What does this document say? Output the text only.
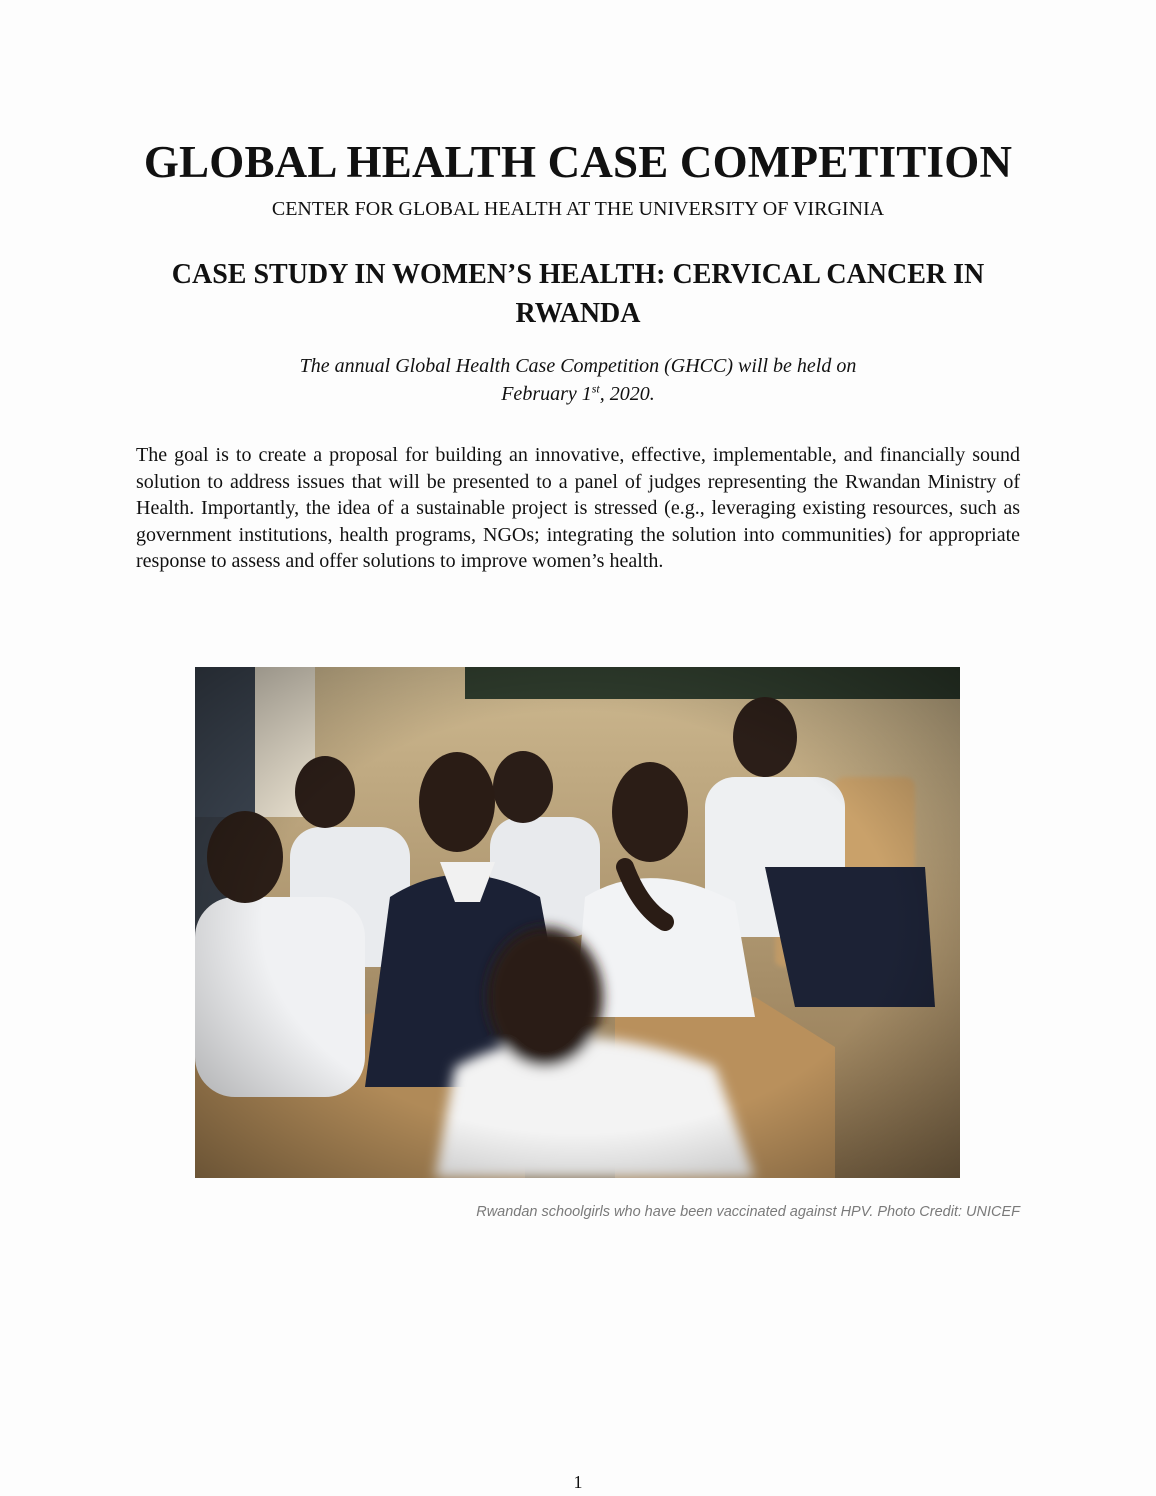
GLOBAL HEALTH CASE COMPETITION
CENTER FOR GLOBAL HEALTH AT THE UNIVERSITY OF VIRGINIA
CASE STUDY IN WOMEN’S HEALTH: CERVICAL CANCER IN RWANDA
The annual Global Health Case Competition (GHCC) will be held on
February 1st, 2020.
The goal is to create a proposal for building an innovative, effective, implementable, and financially sound solution to address issues that will be presented to a panel of judges representing the Rwandan Ministry of Health. Importantly, the idea of a sustainable project is stressed (e.g., leveraging existing resources, such as government institutions, health programs, NGOs; integrating the solution into communities) for appropriate response to assess and offer solutions to improve women’s health.
Rwandan schoolgirls who have been vaccinated against HPV. Photo Credit: UNICEF
1
